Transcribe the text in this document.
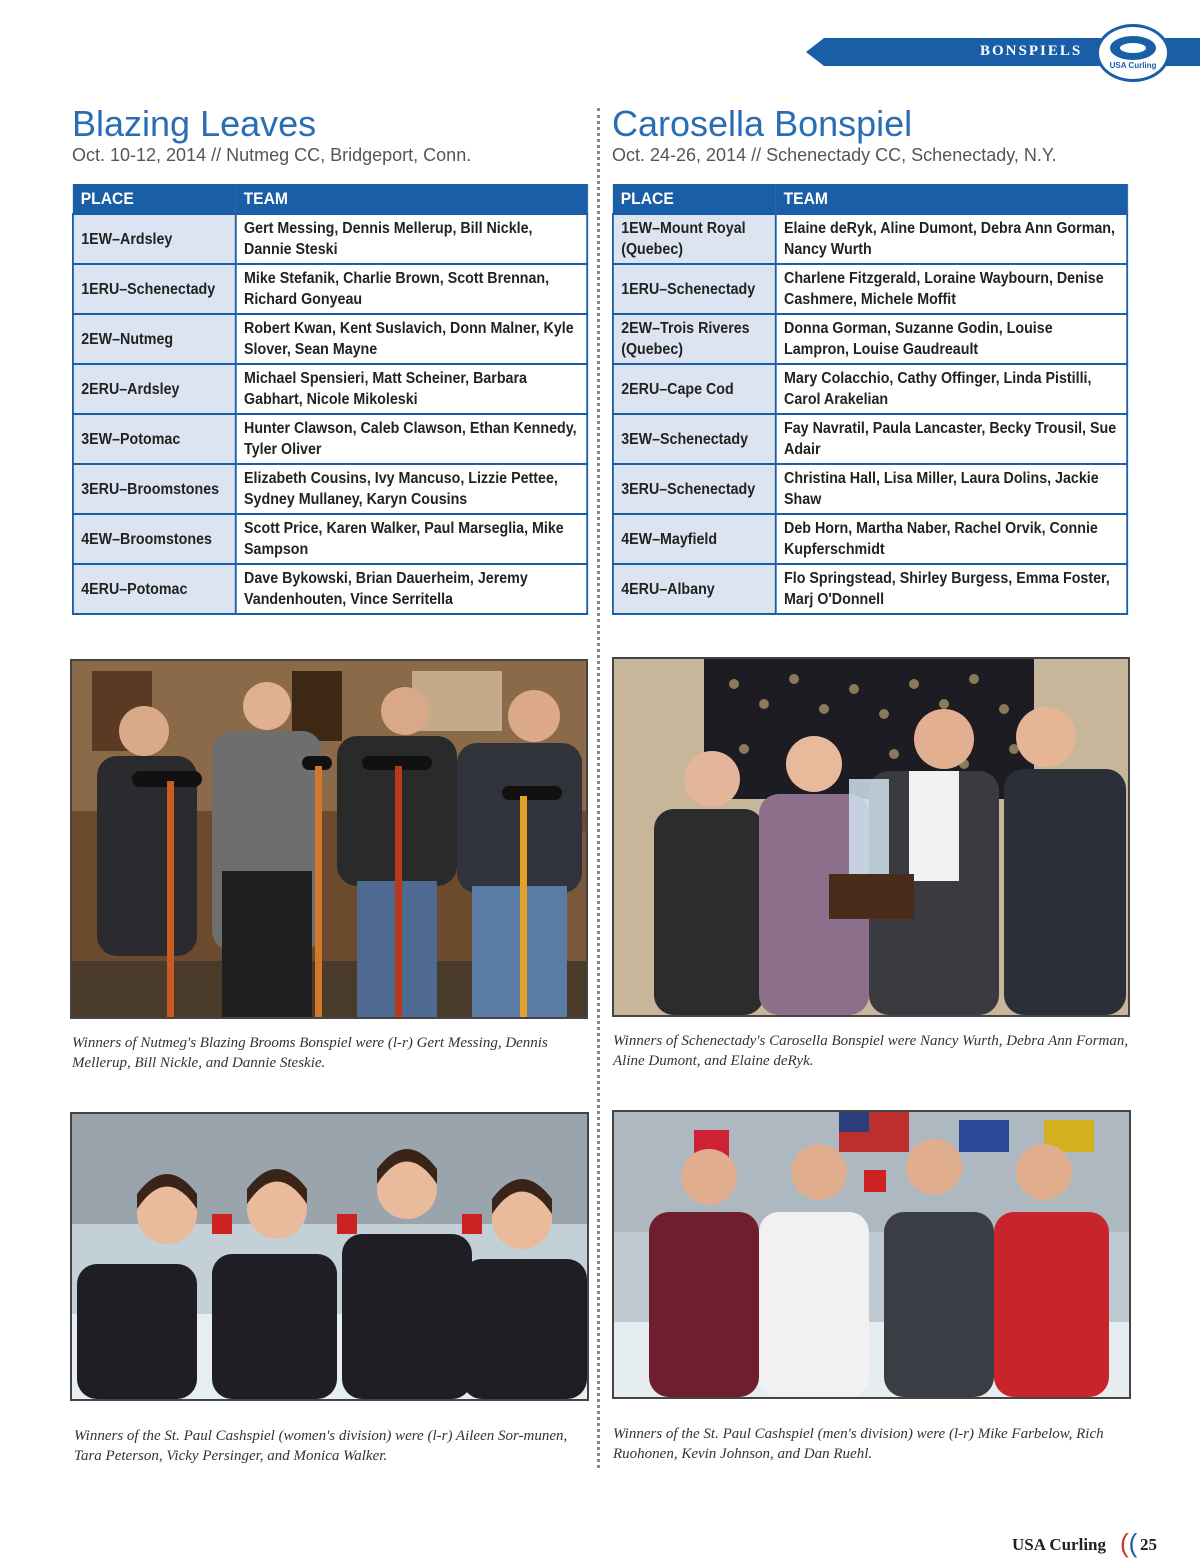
BONSPIELS
USA Curling
Blazing Leaves

Oct. 10-12, 2014 // Nutmeg CC, Bridgeport, Conn.

PLACE	TEAM
1EW–Ardsley	Gert Messing, Dennis Mellerup, Bill Nickle, Dannie Steski
1ERU–Schenectady	Mike Stefanik, Charlie Brown, Scott Brennan, Richard Gonyeau
2EW–Nutmeg	Robert Kwan, Kent Suslavich, Donn Malner, Kyle Slover, Sean Mayne
2ERU–Ardsley	Michael Spensieri, Matt Scheiner, Barbara Gabhart, Nicole Mikoleski
3EW–Potomac	Hunter Clawson, Caleb Clawson, Ethan Kennedy, Tyler Oliver
3ERU–Broomstones	Elizabeth Cousins, Ivy Mancuso, Lizzie Pettee, Sydney Mullaney, Karyn Cousins
4EW–Broomstones	Scott Price, Karen Walker, Paul Marseglia, Mike Sampson
4ERU–Potomac	Dave Bykowski, Brian Dauerheim, Jeremy Vandenhouten, Vince Serritella
Carosella Bonspiel

Oct. 24-26, 2014 // Schenectady CC, Schenectady, N.Y.

PLACE	TEAM
1EW–Mount Royal (Quebec)	Elaine deRyk, Aline Dumont, Debra Ann Gorman, Nancy Wurth
1ERU–Schenectady	Charlene Fitzgerald, Loraine Waybourn, Denise Cashmere, Michele Moffit
2EW–Trois Riveres (Quebec)	Donna Gorman, Suzanne Godin, Louise Lampron, Louise Gaudreault
2ERU–Cape Cod	Mary Colacchio, Cathy Offinger, Linda Pistilli, Carol Arakelian
3EW–Schenectady	Fay Navratil, Paula Lancaster, Becky Trousil, Sue Adair
3ERU–Schenectady	Christina Hall, Lisa Miller, Laura Dolins, Jackie Shaw
4EW–Mayfield	Deb Horn, Martha Naber, Rachel Orvik, Connie Kupferschmidt
4ERU–Albany	Flo Springstead, Shirley Burgess, Emma Foster, Marj O'Donnell
Winners of Nutmeg's Blazing Brooms Bonspiel were (l-r) Gert Messing, Dennis Mellerup, Bill Nickle, and Dannie Steskie.
Winners of Schenectady's Carosella Bonspiel were Nancy Wurth, Debra Ann Forman, Aline Dumont, and Elaine deRyk.
Winners of the St. Paul Cashspiel (women's division) were (l-r) Aileen Sor-munen, Tara Peterson, Vicky Persinger, and Monica Walker.
Winners of the St. Paul Cashspiel (men's division) were (l-r) Mike Farbelow, Rich Ruohonen, Kevin Johnson, and Dan Ruehl.
USA Curling (( 25
